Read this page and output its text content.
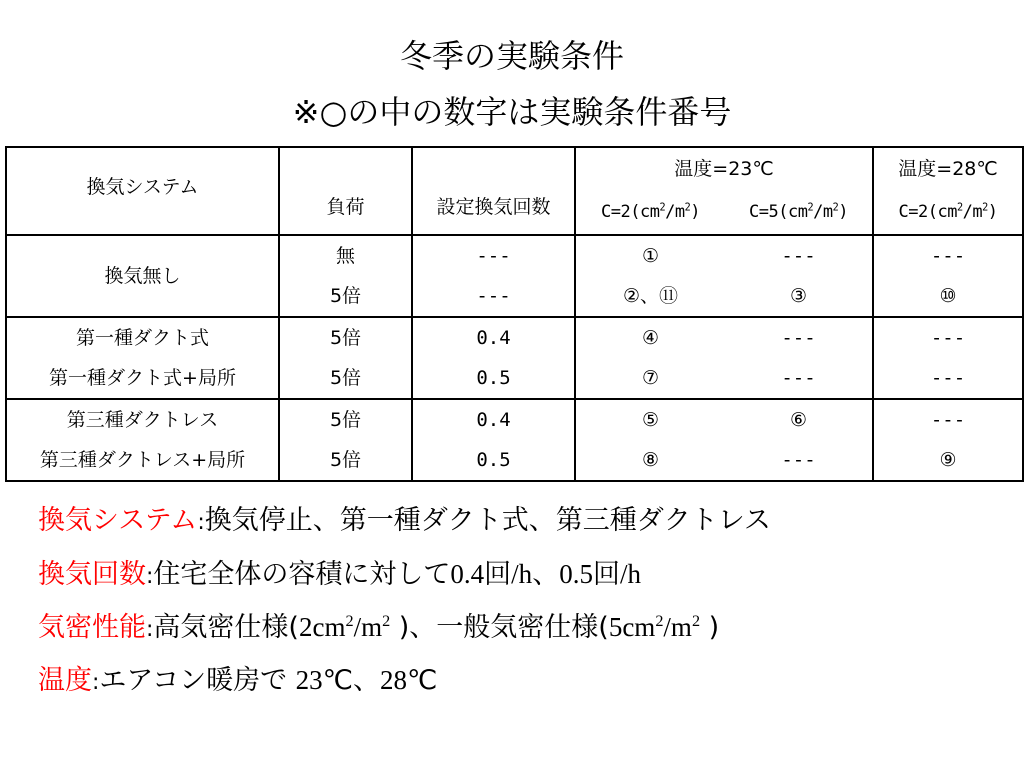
冬季の実験条件
※○の中の数字は実験条件番号
換気システム	負荷	設定換気回数	温度=23℃		温度=28℃
			$C=2(cm^2/m^2)$	$C=5(cm^2/m^2)$	$C=2(cm^2/m^2)$
換気無し	無	---	①	---	---
	5倍	---	②、⑪	③	⑩
第一種ダクト式	5倍	0.4	④	---	---
第一種ダクト式+局所	5倍	0.5	⑦	---	---
第三種ダクトレス	5倍	0.4	⑤	⑥	---
第三種ダクトレス+局所	5倍	0.5	⑧	---	⑨
換気システム:換気停止、第一種ダクト式、第三種ダクトレス
換気回数:住宅全体の容積に対して0.4回/h、0.5回/h
気密性能:高気密仕様($2cm^2/m^2$ )、一般気密仕様($5cm^2/m^2$ )
温度:エアコン暖房で 23℃、28℃
